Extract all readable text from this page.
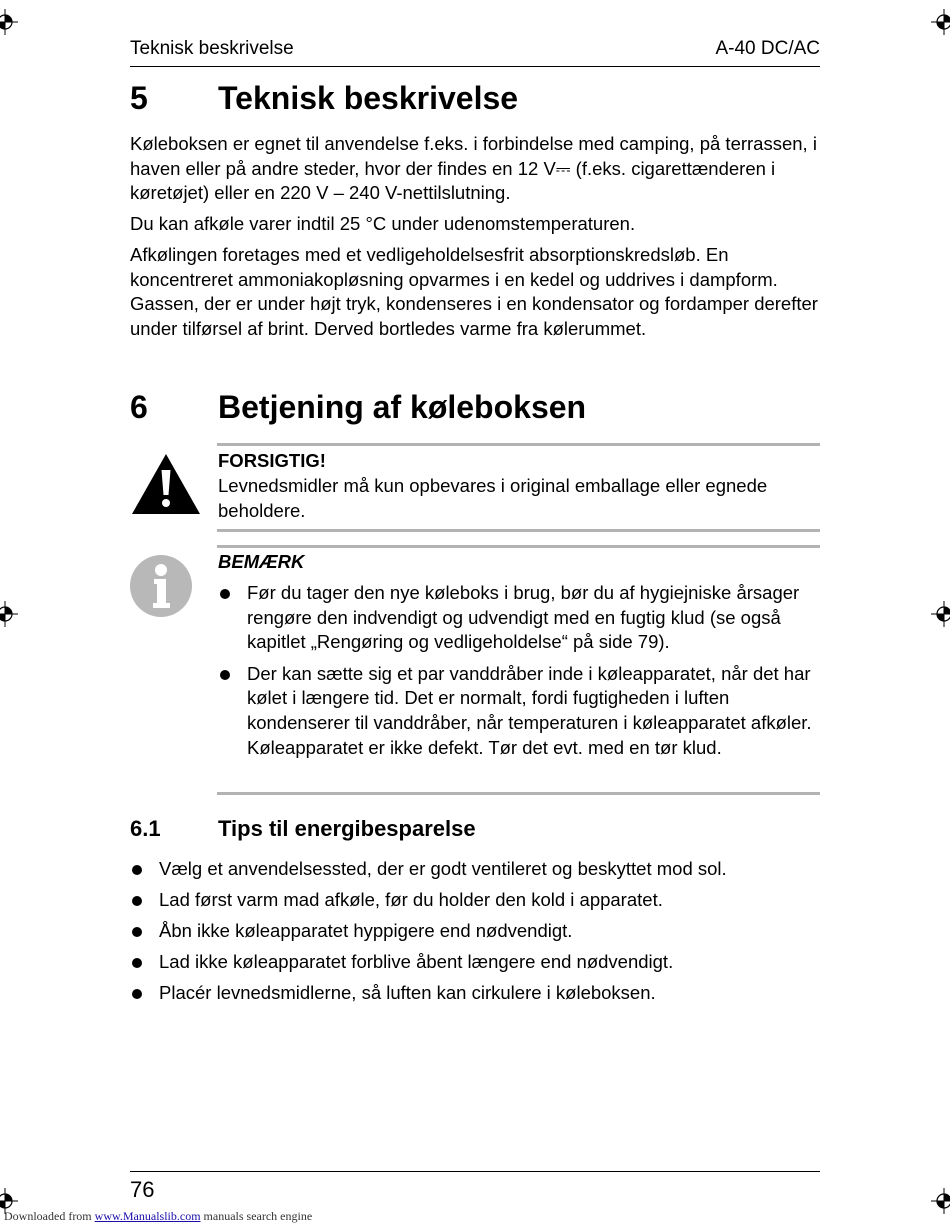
Teknisk beskrivelse	A-40 DC/AC
5 Teknisk beskrivelse
Køleboksen er egnet til anvendelse f.eks. i forbindelse med camping, på terrassen, i haven eller på andre steder, hvor der findes en 12 V⎓ (f.eks. cigarettænderen i køretøjet) eller en 220 V – 240 V-nettilslutning.
Du kan afkøle varer indtil 25 °C under udenomstemperaturen.
Afkølingen foretages med et vedligeholdelsesfrit absorptionskredsløb. En koncentreret ammoniakopløsning opvarmes i en kedel og uddrives i dampform. Gassen, der er under højt tryk, kondenseres i en kondensator og fordamper derefter under tilførsel af brint. Derved bortledes varme fra kølerummet.
6 Betjening af køleboksen
FORSIGTIG!
Levnedsmidler må kun opbevares i original emballage eller egnede beholdere.
BEMÆRK
Før du tager den nye køleboks i brug, bør du af hygiejniske årsager rengøre den indvendigt og udvendigt med en fugtig klud (se også kapitlet „Rengøring og vedligeholdelse“ på side 79).
Der kan sætte sig et par vanddråber inde i køleapparatet, når det har kølet i længere tid. Det er normalt, fordi fugtigheden i luften kondenserer til vanddråber, når temperaturen i køleapparatet afkøler. Køleapparatet er ikke defekt. Tør det evt. med en tør klud.
6.1	Tips til energibesparelse
Vælg et anvendelsessted, der er godt ventileret og beskyttet mod sol.
Lad først varm mad afkøle, før du holder den kold i apparatet.
Åbn ikke køleapparatet hyppigere end nødvendigt.
Lad ikke køleapparatet forblive åbent længere end nødvendigt.
Placér levnedsmidlerne, så luften kan cirkulere i køleboksen.
76
Downloaded from www.Manualslib.com manuals search engine
